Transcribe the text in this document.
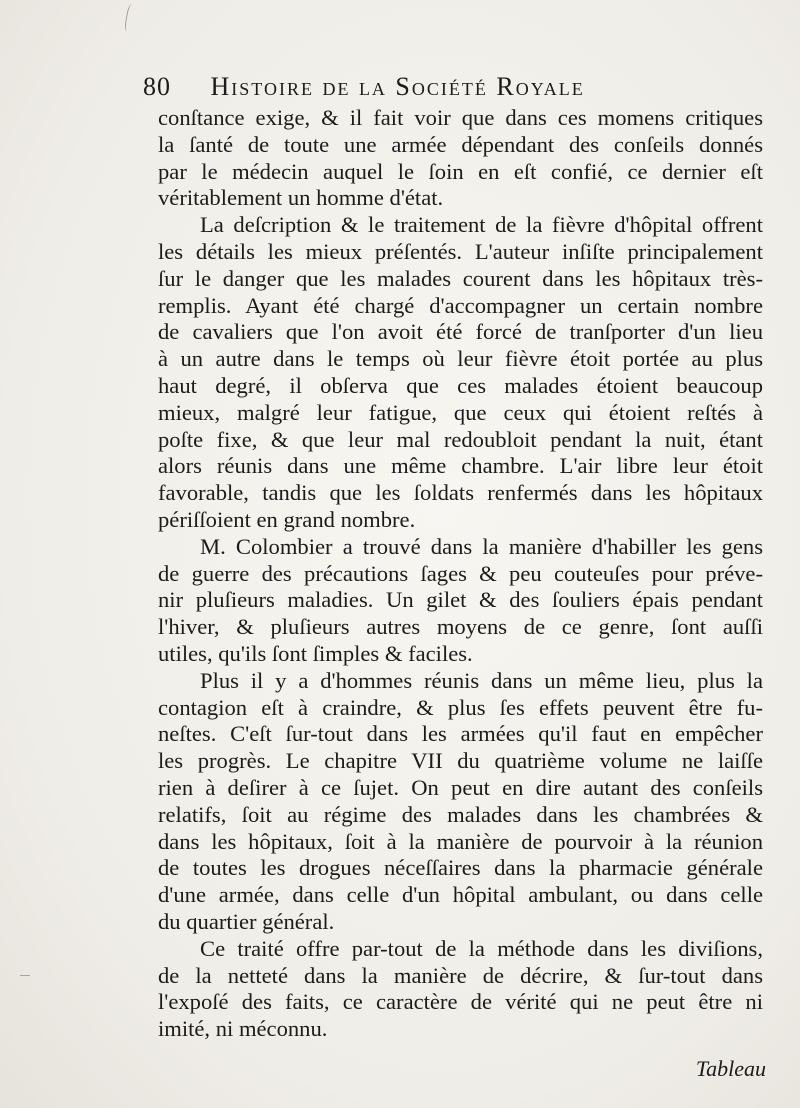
80 Histoire de la Société Royale
conſtance exige, & il fait voir que dans ces momens critiques
la ſanté de toute une armée dépendant des conſeils donnés
par le médecin auquel le ſoin en eſt confié, ce dernier eſt
véritablement un homme d'état.
La deſcription & le traitement de la fièvre d'hôpital offrent
les détails les mieux préſentés. L'auteur inſiſte principalement
ſur le danger que les malades courent dans les hôpitaux très-
remplis. Ayant été chargé d'accompagner un certain nombre
de cavaliers que l'on avoit été forcé de tranſporter d'un lieu
à un autre dans le temps où leur fièvre étoit portée au plus
haut degré, il obſerva que ces malades étoient beaucoup
mieux, malgré leur fatigue, que ceux qui étoient reſtés à
poſte fixe, & que leur mal redoubloit pendant la nuit, étant
alors réunis dans une même chambre. L'air libre leur étoit
favorable, tandis que les ſoldats renfermés dans les hôpitaux
périſſoient en grand nombre.
M. Colombier a trouvé dans la manière d'habiller les gens
de guerre des précautions ſages & peu couteuſes pour préve-
nir pluſieurs maladies. Un gilet & des ſouliers épais pendant
l'hiver, & pluſieurs autres moyens de ce genre, ſont auſſi
utiles, qu'ils ſont ſimples & faciles.
Plus il y a d'hommes réunis dans un même lieu, plus la
contagion eſt à craindre, & plus ſes effets peuvent être fu-
neſtes. C'eſt ſur-tout dans les armées qu'il faut en empêcher
les progrès. Le chapitre VII du quatrième volume ne laiſſe
rien à deſirer à ce ſujet. On peut en dire autant des conſeils
relatifs, ſoit au régime des malades dans les chambrées &
dans les hôpitaux, ſoit à la manière de pourvoir à la réunion
de toutes les drogues néceſſaires dans la pharmacie générale
d'une armée, dans celle d'un hôpital ambulant, ou dans celle
du quartier général.
Ce traité offre par-tout de la méthode dans les diviſions,
de la netteté dans la manière de décrire, & ſur-tout dans
l'expoſé des faits, ce caractère de vérité qui ne peut être ni
imité, ni méconnu.
Tableau
